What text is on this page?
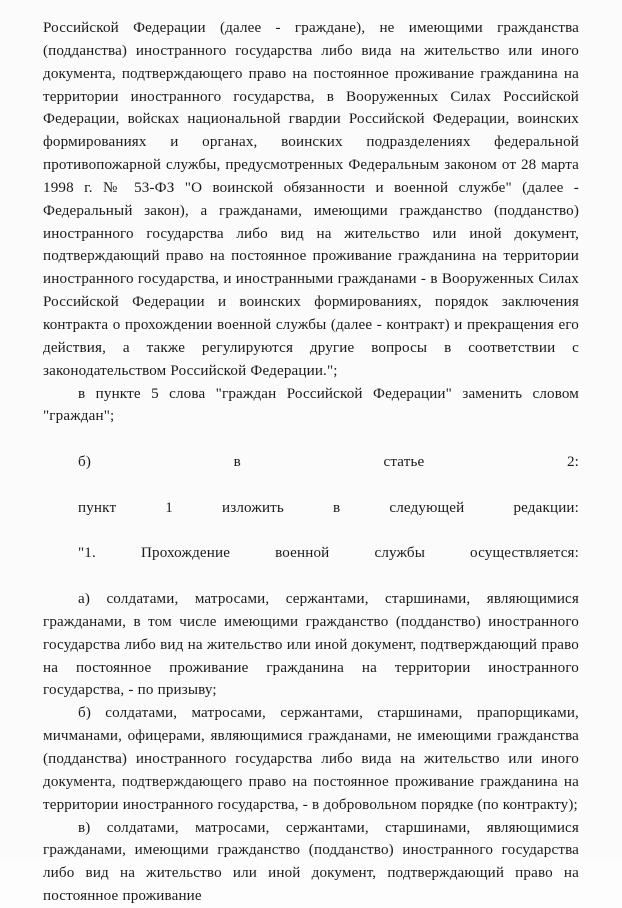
Российской Федерации (далее - граждане), не имеющими гражданства (подданства) иностранного государства либо вида на жительство или иного документа, подтверждающего право на постоянное проживание гражданина на территории иностранного государства, в Вооруженных Силах Российской Федерации, войсках национальной гвардии Российской Федерации, воинских формированиях и органах, воинских подразделениях федеральной противопожарной службы, предусмотренных Федеральным законом от 28 марта 1998 г. № 53-ФЗ "О воинской обязанности и военной службе" (далее - Федеральный закон), а гражданами, имеющими гражданство (подданство) иностранного государства либо вид на жительство или иной документ, подтверждающий право на постоянное проживание гражданина на территории иностранного государства, и иностранными гражданами - в Вооруженных Силах Российской Федерации и воинских формированиях, порядок заключения контракта о прохождении военной службы (далее - контракт) и прекращения его действия, а также регулируются другие вопросы в соответствии с законодательством Российской Федерации.";

в пункте 5 слова "граждан Российской Федерации" заменить словом "граждан";

б) в статье 2:

пункт 1 изложить в следующей редакции:

"1. Прохождение военной службы осуществляется:

а) солдатами, матросами, сержантами, старшинами, являющимися гражданами, в том числе имеющими гражданство (подданство) иностранного государства либо вид на жительство или иной документ, подтверждающий право на постоянное проживание гражданина на территории иностранного государства, - по призыву;

б) солдатами, матросами, сержантами, старшинами, прапорщиками, мичманами, офицерами, являющимися гражданами, не имеющими гражданства (подданства) иностранного государства либо вида на жительство или иного документа, подтверждающего право на постоянное проживание гражданина на территории иностранного государства, - в добровольном порядке (по контракту);

в) солдатами, матросами, сержантами, старшинами, являющимися гражданами, имеющими гражданство (подданство) иностранного государства либо вид на жительство или иной документ, подтверждающий право на постоянное проживание
